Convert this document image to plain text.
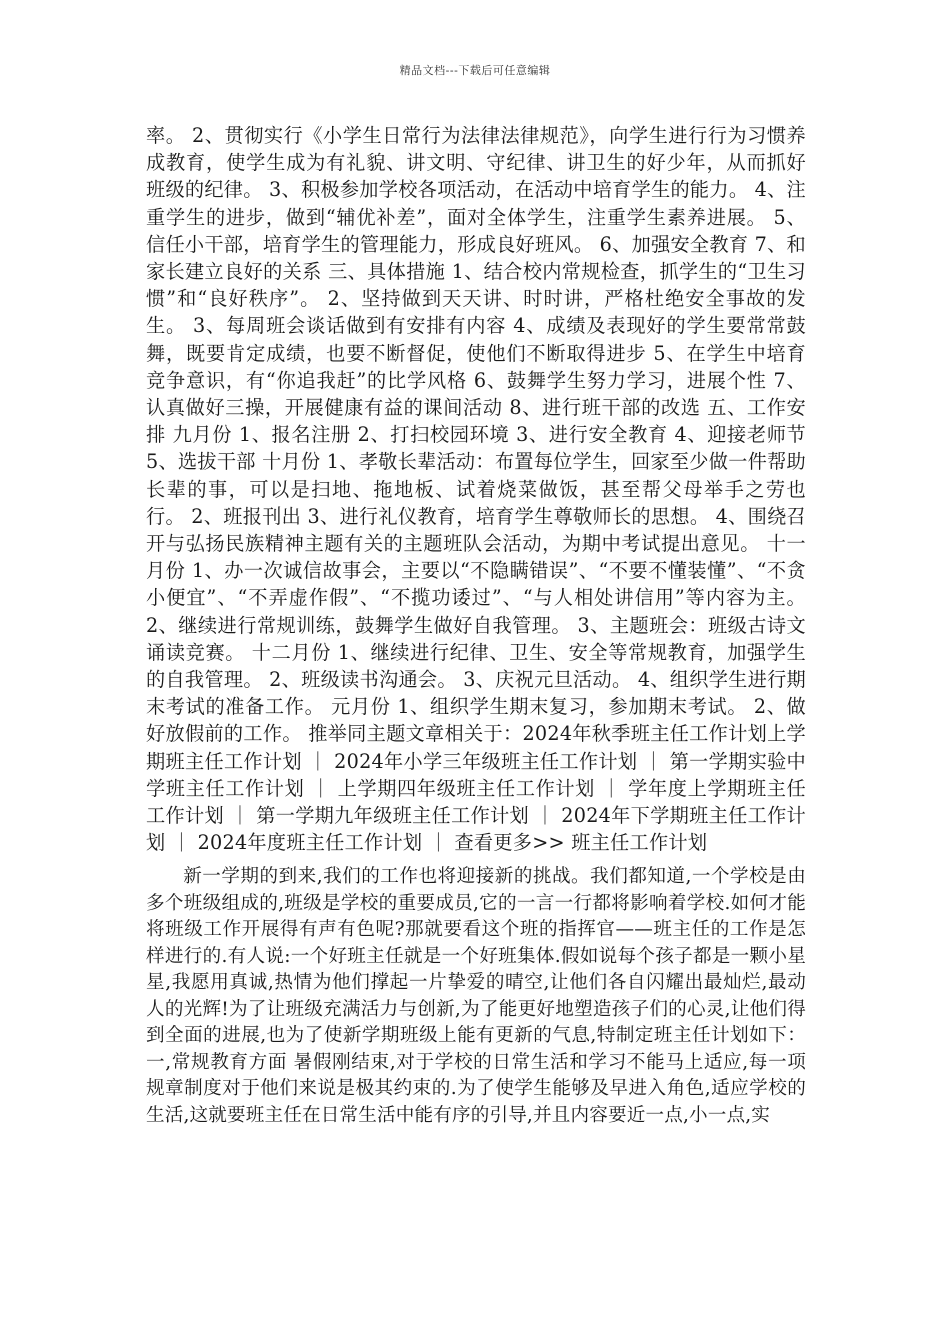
精品文档---下载后可任意编辑

率。 2、贯彻实行《小学生日常行为法律法律规范》，向学生进行行为习惯养成教育，使学生成为有礼貌、讲文明、守纪律、讲卫生的好少年，从而抓好班级的纪律。 3、积极参加学校各项活动，在活动中培育学生的能力。 4、注重学生的进步，做到“辅优补差”，面对全体学生，注重学生素养进展。 5、信任小干部，培育学生的管理能力，形成良好班风。 6、加强安全教育 7、和家长建立良好的关系 三、具体措施 1、结合校内常规检查，抓学生的“卫生习惯”和“良好秩序”。 2、坚持做到天天讲、时时讲，严格杜绝安全事故的发生。 3、每周班会谈话做到有安排有内容 4、成绩及表现好的学生要常常鼓舞，既要肯定成绩，也要不断督促，使他们不断取得进步 5、在学生中培育竞争意识，有“你追我赶”的比学风格 6、鼓舞学生努力学习，进展个性 7、认真做好三操，开展健康有益的课间活动 8、进行班干部的改选 五、工作安排 九月份 1、报名注册 2、打扫校园环境 3、进行安全教育 4、迎接老师节 5、选拔干部 十月份 1、孝敬长辈活动：布置每位学生，回家至少做一件帮助长辈的事，可以是扫地、拖地板、试着烧菜做饭，甚至帮父母举手之劳也行。 2、班报刊出 3、进行礼仪教育，培育学生尊敬师长的思想。 4、围绕召开与弘扬民族精神主题有关的主题班队会活动，为期中考试提出意见。 十一月份 1、办一次诚信故事会，主要以“不隐瞒错误”、“不要不懂装懂”、“不贪小便宜”、“不弄虚作假”、“不揽功诿过”、“与人相处讲信用”等内容为主。 2、继续进行常规训练，鼓舞学生做好自我管理。 3、主题班会：班级古诗文诵读竞赛。 十二月份 1、继续进行纪律、卫生、安全等常规教育，加强学生的自我管理。 2、班级读书沟通会。 3、庆祝元旦活动。 4、组织学生进行期末考试的准备工作。 元月份 1、组织学生期末复习，参加期末考试。 2、做好放假前的工作。 推举同主题文章相关于：2024年秋季班主任工作计划上学期班主任工作计划 ｜ 2024年小学三年级班主任工作计划 ｜ 第一学期实验中学班主任工作计划 ｜ 上学期四年级班主任工作计划 ｜ 学年度上学期班主任工作计划 ｜ 第一学期九年级班主任工作计划 ｜ 2024年下学期班主任工作计划 ｜ 2024年度班主任工作计划 ｜ 查看更多>> 班主任工作计划

新一学期的到来,我们的工作也将迎接新的挑战。我们都知道,一个学校是由多个班级组成的,班级是学校的重要成员,它的一言一行都将影响着学校.如何才能将班级工作开展得有声有色呢?那就要看这个班的指挥官——班主任的工作是怎样进行的.有人说:一个好班主任就是一个好班集体.假如说每个孩子都是一颗小星星,我愿用真诚,热情为他们撑起一片挚爱的晴空,让他们各自闪耀出最灿烂,最动人的光辉!为了让班级充满活力与创新,为了能更好地塑造孩子们的心灵,让他们得到全面的进展,也为了使新学期班级上能有更新的气息,特制定班主任计划如下： 一,常规教育方面 暑假刚结束,对于学校的日常生活和学习不能马上适应,每一项规章制度对于他们来说是极其约束的.为了使学生能够及早进入角色,适应学校的生活,这就要班主任在日常生活中能有序的引导,并且内容要近一点,小一点,实
